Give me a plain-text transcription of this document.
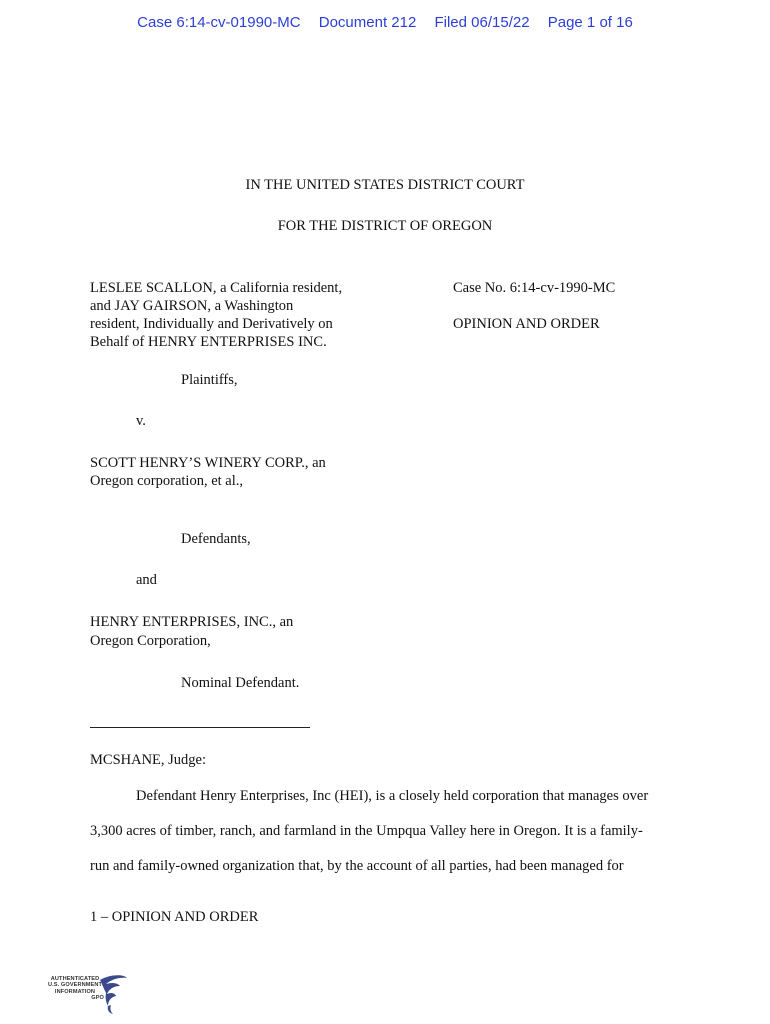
Case 6:14-cv-01990-MC Document 212 Filed 06/15/22 Page 1 of 16
IN THE UNITED STATES DISTRICT COURT
FOR THE DISTRICT OF OREGON
LESLEE SCALLON, a California resident,
and JAY GAIRSON, a Washington
resident, Individually and Derivatively on
Behalf of HENRY ENTERPRISES INC.
Plaintiffs,
v.
SCOTT HENRY’S WINERY CORP., an
Oregon corporation, et al.,
Defendants,
and
HENRY ENTERPRISES, INC., an
Oregon Corporation,
Nominal Defendant.
Case No. 6:14-cv-1990-MC
OPINION AND ORDER
MCSHANE, Judge:
Defendant Henry Enterprises, Inc (HEI), is a closely held corporation that manages over
3,300 acres of timber, ranch, and farmland in the Umpqua Valley here in Oregon. It is a family-
run and family-owned organization that, by the account of all parties, had been managed for
1 – OPINION AND ORDER
AUTHENTICATED
U.S. GOVERNMENT
INFORMATION
GPO
